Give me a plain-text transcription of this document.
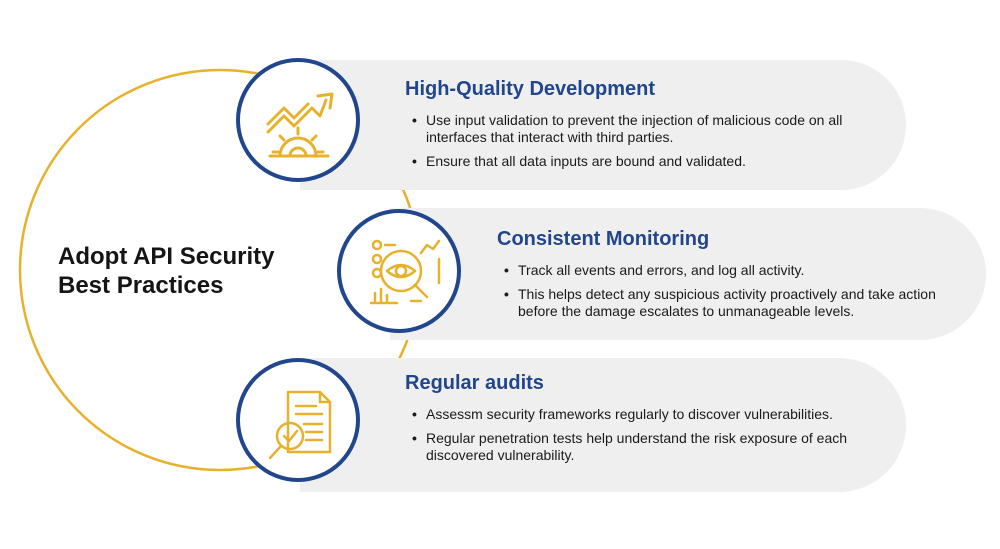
Adopt API Security Best Practices
High-Quality Development
• Use input validation to prevent the injection of malicious code on all interfaces that interact with third parties.
• Ensure that all data inputs are bound and validated.
Consistent Monitoring
• Track all events and errors, and log all activity.
• This helps detect any suspicious activity proactively and take action before the damage escalates to unmanageable levels.
Regular audits
• Assessm security frameworks regularly to discover vulnerabilities.
• Regular penetration tests help understand the risk exposure of each discovered vulnerability.
